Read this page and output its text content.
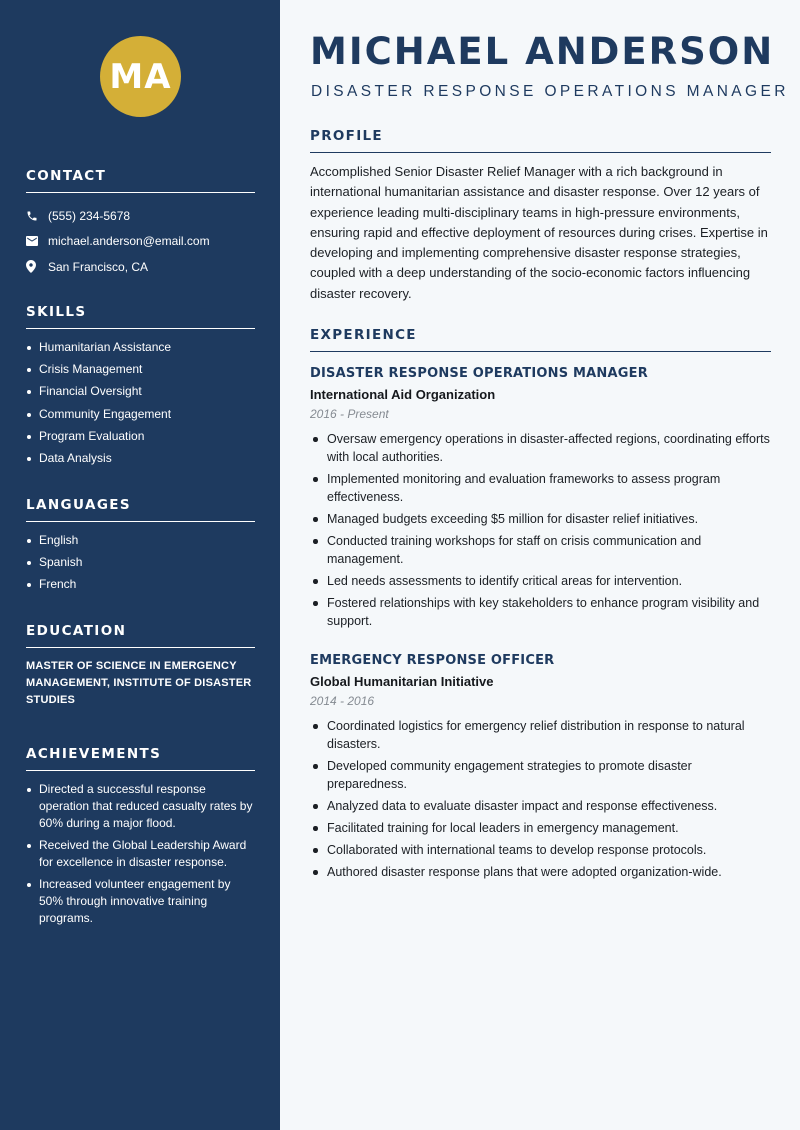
MA
CONTACT
(555) 234-5678
michael.anderson@email.com
San Francisco, CA
SKILLS
Humanitarian Assistance
Crisis Management
Financial Oversight
Community Engagement
Program Evaluation
Data Analysis
LANGUAGES
English
Spanish
French
EDUCATION
MASTER OF SCIENCE IN EMERGENCY MANAGEMENT, INSTITUTE OF DISASTER STUDIES
ACHIEVEMENTS
Directed a successful response operation that reduced casualty rates by 60% during a major flood.
Received the Global Leadership Award for excellence in disaster response.
Increased volunteer engagement by 50% through innovative training programs.
MICHAEL ANDERSON
DISASTER RESPONSE OPERATIONS MANAGER
PROFILE

Accomplished Senior Disaster Relief Manager with a rich background in international humanitarian assistance and disaster response. Over 12 years of experience leading multi-disciplinary teams in high-pressure environments, ensuring rapid and effective deployment of resources during crises. Expertise in developing and implementing comprehensive disaster response strategies, coupled with a deep understanding of the socio-economic factors influencing disaster recovery.

EXPERIENCE
DISASTER RESPONSE OPERATIONS MANAGER
International Aid Organization
2016 - Present
Oversaw emergency operations in disaster-affected regions, coordinating efforts with local authorities.
Implemented monitoring and evaluation frameworks to assess program effectiveness.
Managed budgets exceeding $5 million for disaster relief initiatives.
Conducted training workshops for staff on crisis communication and management.
Led needs assessments to identify critical areas for intervention.
Fostered relationships with key stakeholders to enhance program visibility and support.
EMERGENCY RESPONSE OFFICER
Global Humanitarian Initiative
2014 - 2016
Coordinated logistics for emergency relief distribution in response to natural disasters.
Developed community engagement strategies to promote disaster preparedness.
Analyzed data to evaluate disaster impact and response effectiveness.
Facilitated training for local leaders in emergency management.
Collaborated with international teams to develop response protocols.
Authored disaster response plans that were adopted organization-wide.
